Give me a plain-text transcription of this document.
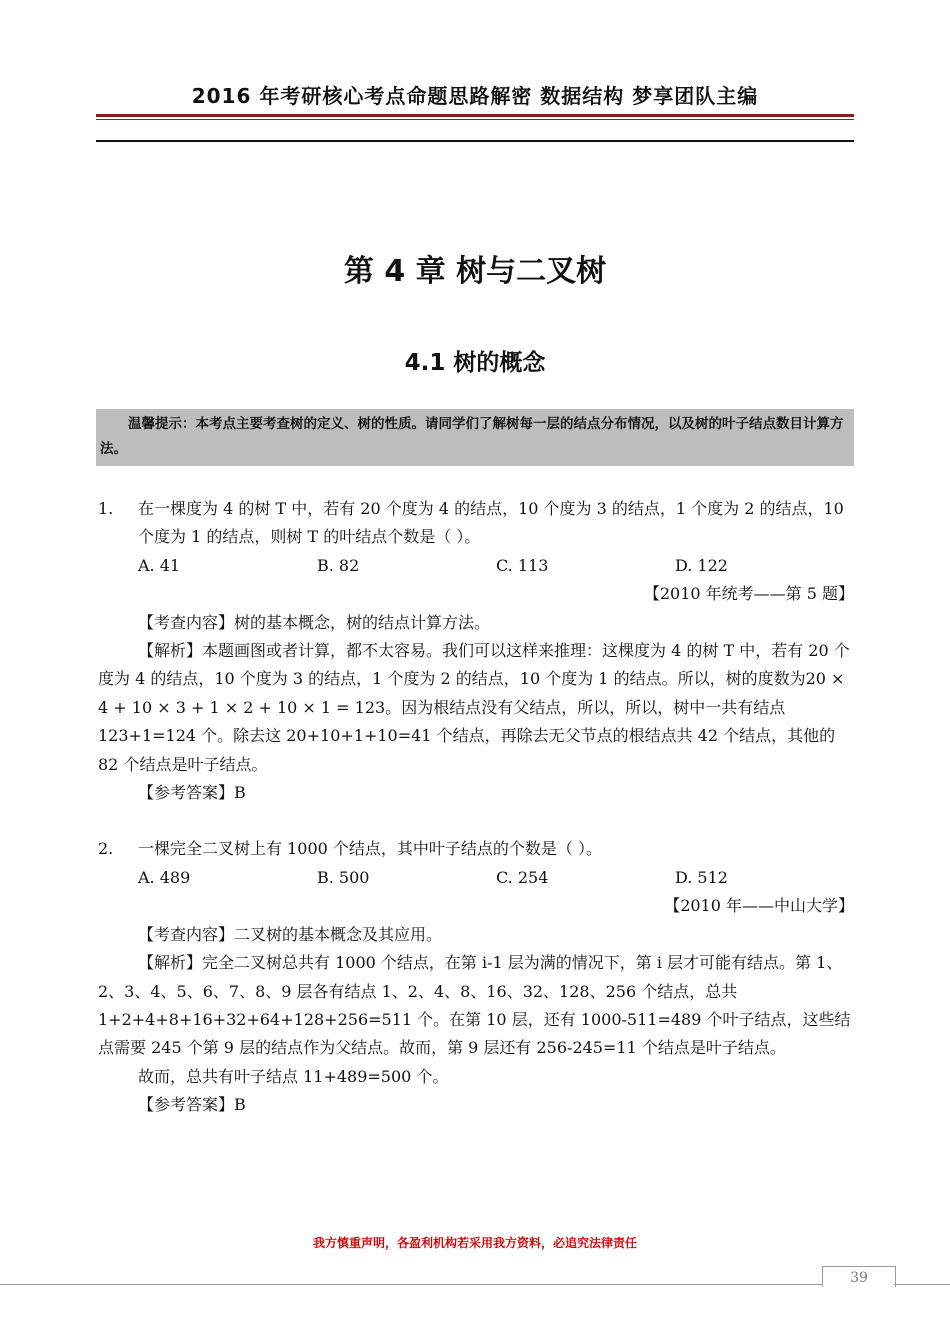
2016 年考研核心考点命题思路解密 数据结构 梦享团队主编
第 4 章 树与二叉树
4.1 树的概念
温馨提示：本考点主要考查树的定义、树的性质。请同学们了解树每一层的结点分布情况，以及树的叶子结点数目计算方法。
1.	在一棵度为 4 的树 T 中，若有 20 个度为 4 的结点，10 个度为 3 的结点，1 个度为 2 的结点，10 个度为 1 的结点，则树 T 的叶结点个数是（ ）。
A. 41	B. 82	C. 113	D. 122
【2010 年统考——第 5 题】
【考查内容】树的基本概念，树的结点计算方法。
【解析】本题画图或者计算，都不太容易。我们可以这样来推理：这棵度为 4 的树 T 中，若有 20 个度为 4 的结点，10 个度为 3 的结点，1 个度为 2 的结点，10 个度为 1 的结点。所以，树的度数为20 × 4 + 10 × 3 + 1 × 2 + 10 × 1 = 123。因为根结点没有父结点，所以，所以，树中一共有结点 123+1=124 个。除去这 20+10+1+10=41 个结点，再除去无父节点的根结点共 42 个结点，其他的 82 个结点是叶子结点。
【参考答案】B
2.	一棵完全二叉树上有 1000 个结点，其中叶子结点的个数是（ ）。
A. 489	B. 500	C. 254	D. 512
【2010 年——中山大学】
【考查内容】二叉树的基本概念及其应用。
【解析】完全二叉树总共有 1000 个结点，在第 i-1 层为满的情况下，第 i 层才可能有结点。第 1、2、3、4、5、6、7、8、9 层各有结点 1、2、4、8、16、32、128、256 个结点，总共 1+2+4+8+16+32+64+128+256=511 个。在第 10 层，还有 1000-511=489 个叶子结点，这些结点需要 245 个第 9 层的结点作为父结点。故而，第 9 层还有 256-245=11 个结点是叶子结点。
故而，总共有叶子结点 11+489=500 个。
【参考答案】B
我方慎重声明，各盈利机构若采用我方资料，必追究法律责任
39
